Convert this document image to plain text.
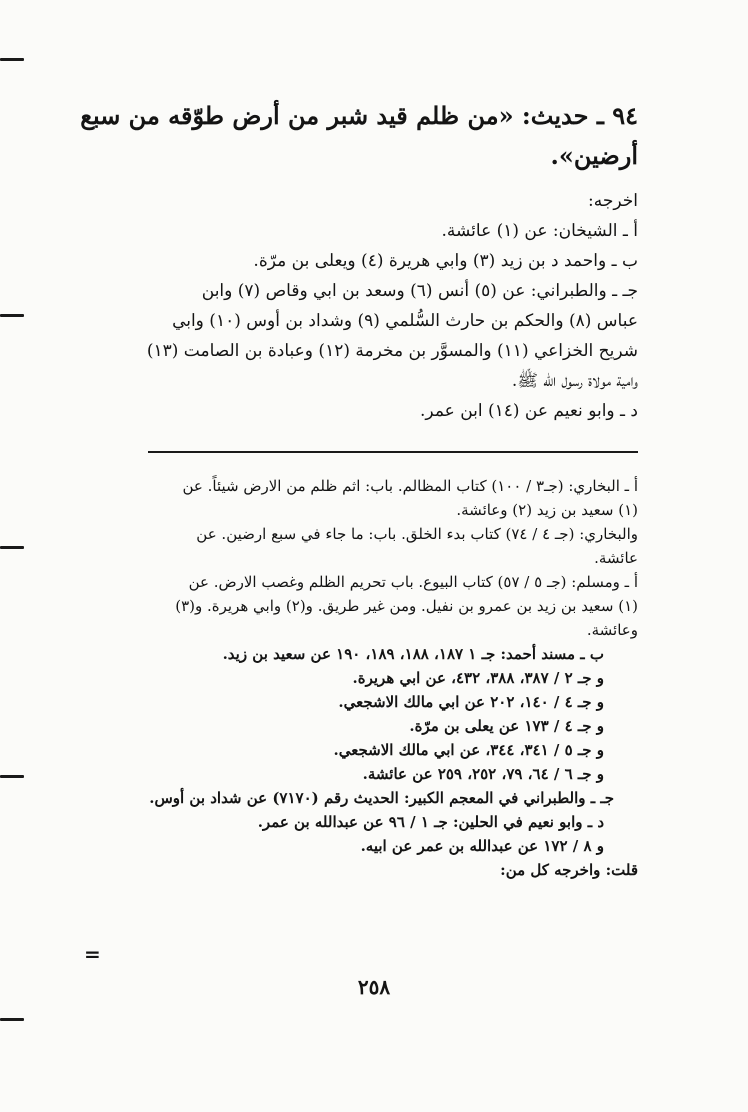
٩٤ ـ حديث: «من ظلم قيد شبر من أرض طوّقه من سبع
أرضين».
اخرجه:
أ ـ الشيخان: عن (١) عائشة.
ب ـ واحمد د بن زيد (٣) وابي هريرة (٤) ويعلى بن مرّة.
جـ ـ والطبراني: عن (٥) أنس (٦) وسعد بن ابي وقاص (٧) وابن
عباس (٨) والحكم بن حارث السُّلمي (٩) وشداد بن أوس (١٠) وابي
شريح الخزاعي (١١) والمسوَّر بن مخرمة (١٢) وعبادة بن الصامت (١٣)
وامية مولاة رسول الله ﷺ.
د ـ وابو نعيم عن (١٤) ابن عمر.
أ ـ البخاري: (جـ٣ / ١٠٠) كتاب المظالم. باب: اثم ظلم من الارض شيئاً. عن
(١) سعيد بن زيد (٢) وعائشة.
والبخاري: (جـ ٤ / ٧٤) كتاب بدء الخلق. باب: ما جاء في سبع ارضين. عن
عائشة.
أ ـ ومسلم: (جـ ٥ / ٥٧) كتاب البيوع. باب تحريم الظلم وغصب الارض. عن
(١) سعيد بن زيد بن عمرو بن نفيل. ومن غير طريق. و(٢) وابي هريرة. و(٣)
وعائشة.
ب ـ مسند أحمد: جـ ١ ١٨٧، ١٨٨، ١٨٩، ١٩٠ عن سعيد بن زيد.
و جـ ٢ / ٣٨٧، ٣٨٨، ٤٣٢، عن ابي هريرة.
و جـ ٤ / ١٤٠، ٢٠٢ عن ابي مالك الاشجعي.
و جـ ٤ / ١٧٣ عن يعلى بن مرّة.
و جـ ٥ / ٣٤١، ٣٤٤، عن ابي مالك الاشجعي.
و جـ ٦ / ٦٤، ٧٩، ٢٥٢، ٢٥٩ عن عائشة.
جـ ـ والطبراني في المعجم الكبير: الحديث رقم (٧١٧٠) عن شداد بن أوس.
د ـ وابو نعيم في الحلين: جـ ١ / ٩٦ عن عبدالله بن عمر.
و ٨ / ١٧٢ عن عبدالله بن عمر عن ابيه.
قلت: واخرجه كل من:
=
٢٥٨
